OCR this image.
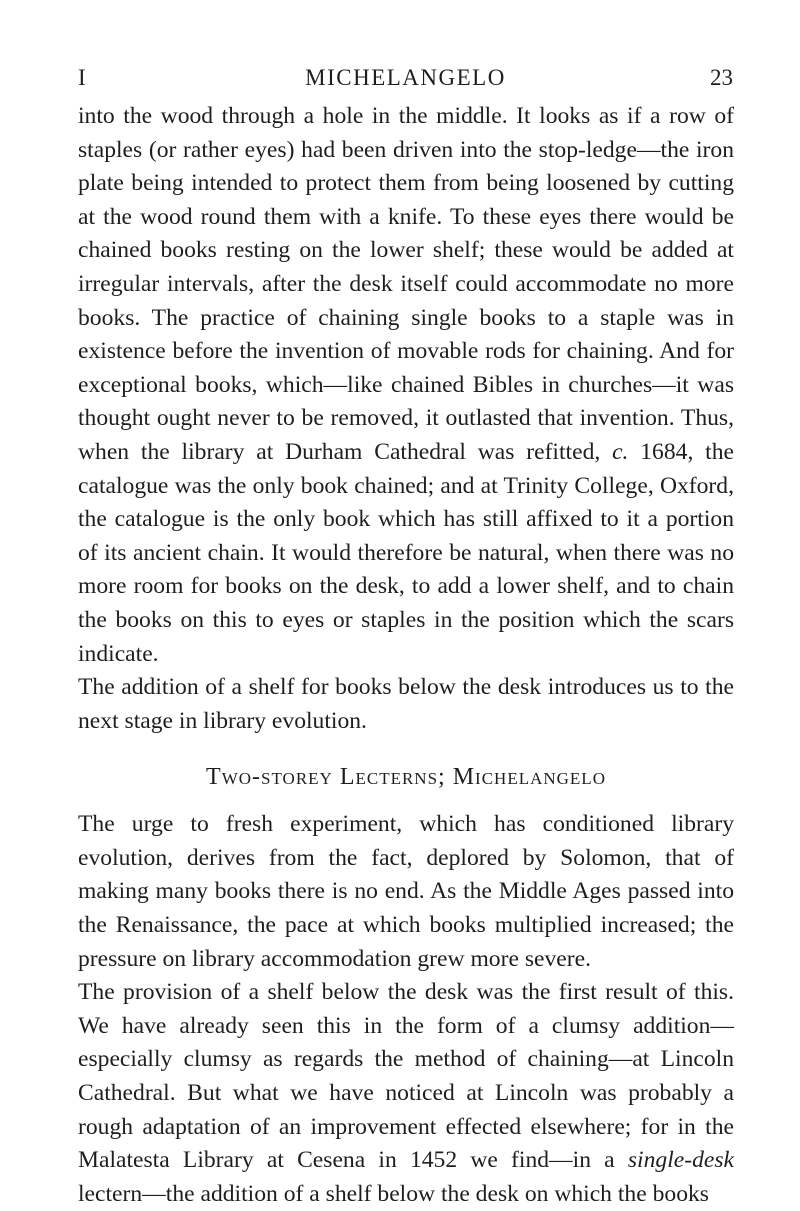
I	MICHELANGELO	23

into the wood through a hole in the middle. It looks as if a row of staples (or rather eyes) had been driven into the stop-ledge—the iron plate being intended to protect them from being loosened by cutting at the wood round them with a knife. To these eyes there would be chained books resting on the lower shelf; these would be added at irregular intervals, after the desk itself could accommodate no more books. The practice of chaining single books to a staple was in existence before the invention of movable rods for chaining. And for exceptional books, which—like chained Bibles in churches—it was thought ought never to be removed, it outlasted that invention. Thus, when the library at Durham Cathedral was refitted, c. 1684, the catalogue was the only book chained; and at Trinity College, Oxford, the catalogue is the only book which has still affixed to it a portion of its ancient chain. It would therefore be natural, when there was no more room for books on the desk, to add a lower shelf, and to chain the books on this to eyes or staples in the position which the scars indicate.

The addition of a shelf for books below the desk introduces us to the next stage in library evolution.

Two-storey Lecterns; Michelangelo

The urge to fresh experiment, which has conditioned library evolution, derives from the fact, deplored by Solomon, that of making many books there is no end. As the Middle Ages passed into the Renaissance, the pace at which books multiplied increased; the pressure on library accommodation grew more severe.

The provision of a shelf below the desk was the first result of this. We have already seen this in the form of a clumsy addition—especially clumsy as regards the method of chaining—at Lincoln Cathedral. But what we have noticed at Lincoln was probably a rough adaptation of an improvement effected elsewhere; for in the Malatesta Library at Cesena in 1452 we find—in a single-desk lectern—the addition of a shelf below the desk on which the books
